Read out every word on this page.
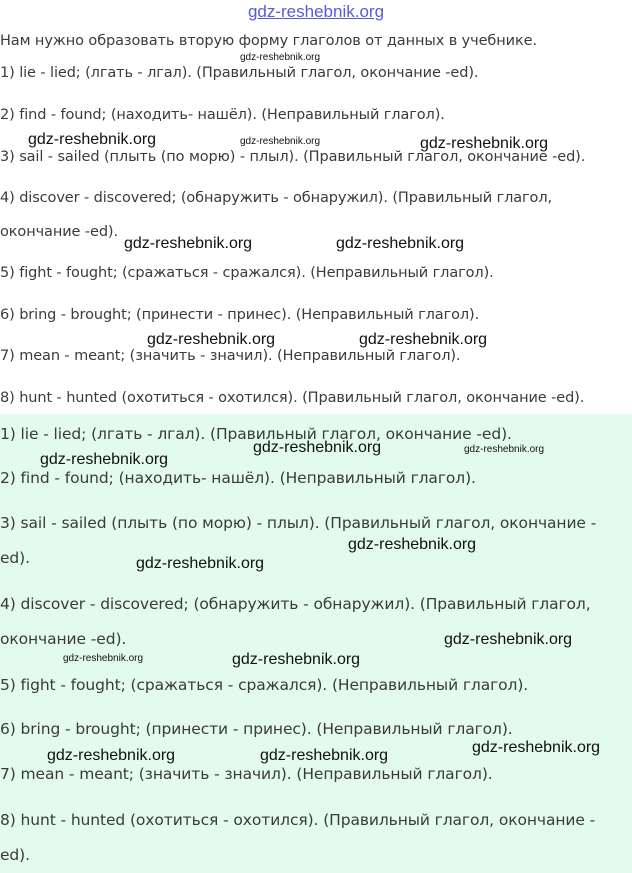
gdz-reshebnik.org
Нам нужно образовать вторую форму глаголов от данных в учебнике.
1) lie - lied; (лгать - лгал). (Правильный глагол, окончание -ed).
2) find - found; (находить- нашёл). (Неправильный глагол).
3) sail - sailed (плыть (по морю) - плыл). (Правильный глагол, окончание -ed).
4) discover - discovered; (обнаружить - обнаружил). (Правильный глагол,
окончание -ed).
5) fight - fought; (сражаться - сражался). (Неправильный глагол).
6) bring - brought; (принести - принес). (Неправильный глагол).
7) mean - meant; (значить - значил). (Неправильный глагол).
8) hunt - hunted (охотиться - охотился). (Правильный глагол, окончание -ed).
1) lie - lied; (лгать - лгал). (Правильный глагол, окончание -ed).
2) find - found; (находить- нашёл). (Неправильный глагол).
3) sail - sailed (плыть (по морю) - плыл). (Правильный глагол, окончание -
ed).
4) discover - discovered; (обнаружить - обнаружил). (Правильный глагол,
окончание -ed).
5) fight - fought; (сражаться - сражался). (Неправильный глагол).
6) bring - brought; (принести - принес). (Неправильный глагол).
7) mean - meant; (значить - значил). (Неправильный глагол).
8) hunt - hunted (охотиться - охотился). (Правильный глагол, окончание -
ed).
gdz-reshebnik.org
gdz-reshebnik.org	gdz-reshebnik.org	gdz-reshebnik.org
gdz-reshebnik.org	gdz-reshebnik.org
gdz-reshebnik.org	gdz-reshebnik.org
gdz-reshebnik.org	gdz-reshebnik.org
gdz-reshebnik.org
gdz-reshebnik.org
gdz-reshebnik.org
gdz-reshebnik.org
gdz-reshebnik.org	gdz-reshebnik.org
gdz-reshebnik.org
gdz-reshebnik.org	gdz-reshebnik.org
